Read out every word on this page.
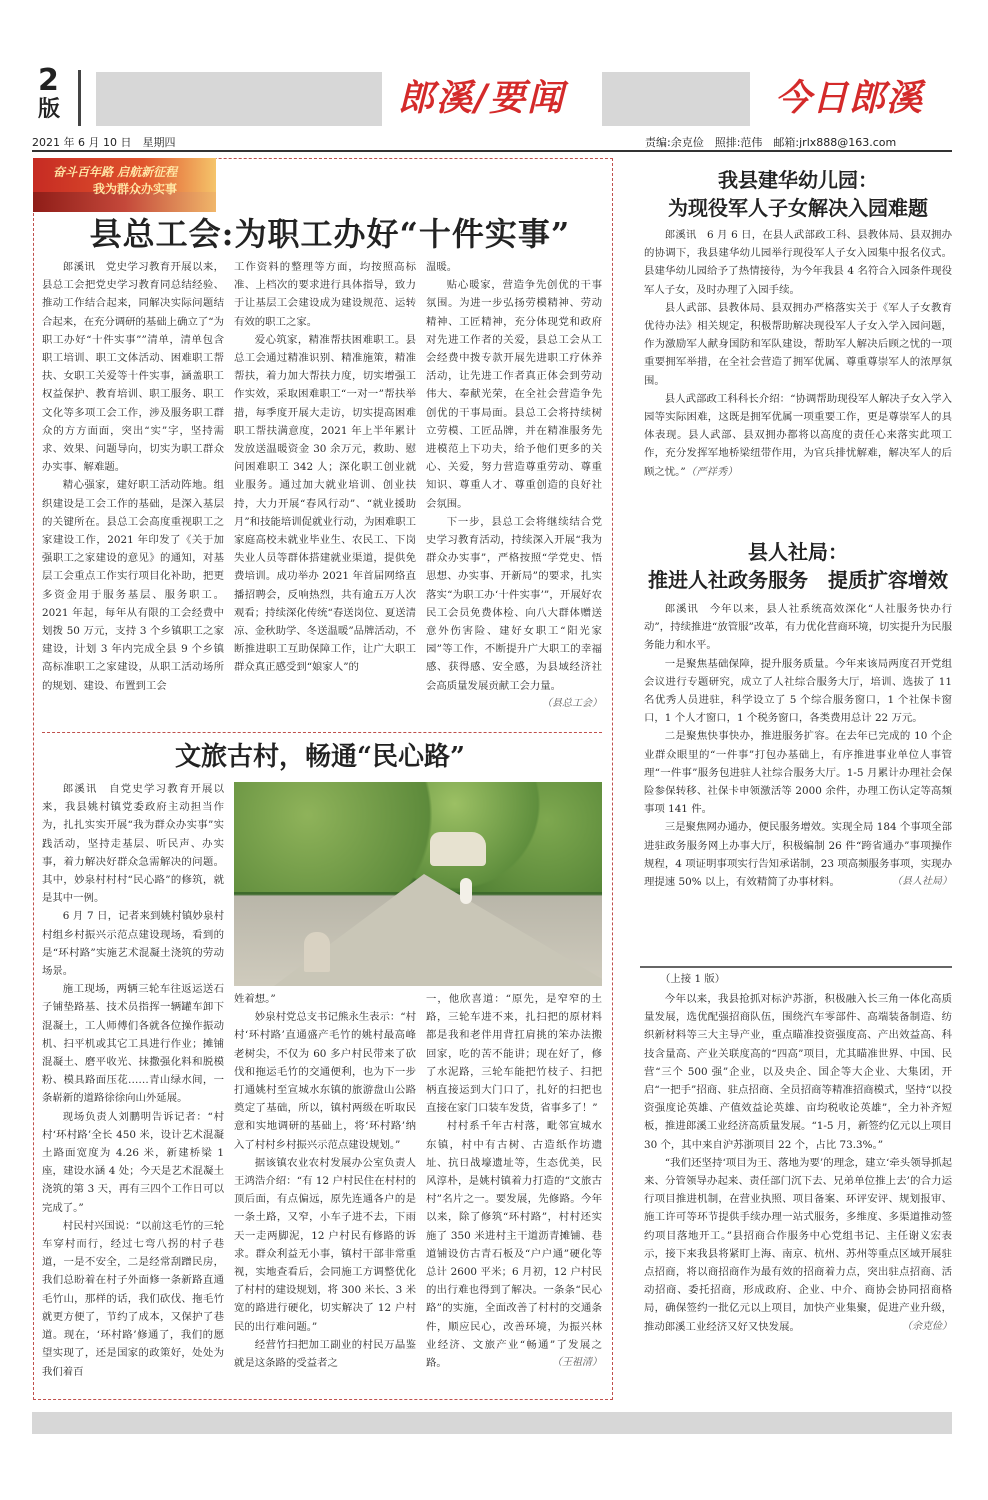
2
版	郎溪/要闻	今日郎溪
2021 年 6 月 10 日　星期四	责编:余克俭　照排:范伟　邮箱:jrlx888@163.com
奋斗百年路 启航新征程
我为群众办实事
县总工会:为职工办好“十件实事”

郎溪讯　党史学习教育开展以来，县总工会把党史学习教育同总结经验、推动工作结合起来，同解决实际问题结合起来，在充分调研的基础上确立了“为职工办好“十件实事””清单，清单包含职工培训、职工文体活动、困难职工帮扶、女职工关爱等十件实事，涵盖职工权益保护、教育培训、职工服务、职工文化等多项工会工作，涉及服务职工群众的方方面面，突出“实”字，坚持需求、效果、问题导向，切实为职工群众办实事、解难题。

精心强家，建好职工活动阵地。组织建设是工会工作的基础，是深入基层的关键所在。县总工会高度重视职工之家建设工作，2021 年印发了《关于加强职工之家建设的意见》的通知，对基层工会重点工作实行项目化补助，把更多资金用于服务基层、服务职工。2021 年起，每年从有限的工会经费中划拨 50 万元，支持 3 个乡镇职工之家建设，计划 3 年内完成全县 9 个乡镇高标准职工之家建设，从职工活动场所的规划、建设、布置到工会

工作资料的整理等方面，均按照高标准、上档次的要求进行具体指导，致力于让基层工会建设成为建设规范、运转有效的职工之家。

爱心筑家，精准帮扶困难职工。县总工会通过精准识别、精准施策，精准帮扶，着力加大帮扶力度，切实增强工作实效，采取困难职工“一对一”帮扶举措，每季度开展大走访，切实提高困难职工帮扶满意度，2021 年上半年累计发放送温暖资金 30 余万元，救助、慰问困难职工 342 人；深化职工创业就业服务。通过加大就业培训、创业扶持，大力开展“春风行动”、“就业援助月”和技能培训促就业行动，为困难职工家庭高校未就业毕业生、农民工、下岗失业人员等群体搭建就业渠道，提供免费培训。成功举办 2021 年首届网络直播招聘会，反响热烈，共有逾五万人次观看；持续深化传统“春送岗位、夏送清凉、金秋助学、冬送温暖”品牌活动，不断推进职工互助保障工作，让广大职工群众真正感受到“娘家人”的

温暖。

贴心暖家，营造争先创优的干事氛围。为进一步弘扬劳模精神、劳动精神、工匠精神，充分体现党和政府对先进工作者的关爱，县总工会从工会经费中拨专款开展先进职工疗休养活动，让先进工作者真正体会到劳动伟大、奉献光荣，在全社会营造争先创优的干事局面。县总工会将持续树立劳模、工匠品牌，并在精准服务先进模范上下功夫，给予他们更多的关心、关爱，努力营造尊重劳动、尊重知识、尊重人才、尊重创造的良好社会氛围。

下一步，县总工会将继续结合党史学习教育活动，持续深入开展“我为群众办实事”，严格按照“学党史、悟思想、办实事、开新局”的要求，扎实落实“为职工办‘十件实事’”，开展好农民工会员免费体检、向八大群体赠送意外伤害险、建好女职工“阳光家园”等工作，不断提升广大职工的幸福感、获得感、安全感，为县域经济社会高质量发展贡献工会力量。
（县总工会）

文旅古村，畅通“民心路”

郎溪讯　自党史学习教育开展以来，我县姚村镇党委政府主动担当作为，扎扎实实开展“我为群众办实事”实践活动，坚持走基层、听民声、办实事，着力解决好群众急需解决的问题。其中，妙泉村村村“民心路”的修筑，就是其中一例。

6 月 7 日，记者来到姚村镇妙泉村村组乡村振兴示范点建设现场，看到的是“环村路”实施艺术混凝土浇筑的劳动场景。

施工现场，两辆三轮车往返运送石子铺垫路基、技术员指挥一辆罐车卸下混凝土，工人师傅们各就各位操作振动机、扫平机或其它工具进行作业；摊铺混凝土、磨平收光、抹撒强化料和脱模粉、模具路面压花……青山绿水间，一条崭新的道路徐徐向山外延展。

现场负责人刘鹏明告诉记者：“村村‘环村路’全长 450 米，设计艺术混凝土路面宽度为 4.26 米，新建桥梁 1 座，建设水涵 4 处；今天是艺术混凝土浇筑的第 3 天，再有三四个工作日可以完成了。”

村民村兴国说：“以前这毛竹的三轮车穿村而行，经过七弯八拐的村子巷道，一是不安全，二是经常刮蹭民房，我们总盼着在村子外面修一条新路直通毛竹山，那样的话，我们砍伐、拖毛竹就更方便了，节约了成本，又保护了巷道。现在，‘环村路’修通了，我们的愿望实现了，还是国家的政策好，处处为我们着百

姓着想。”

妙泉村党总支书记熊永生表示：“村村‘环村路’直通盛产毛竹的姚村最高峰老树尖，不仅为 60 多户村民带来了砍伐和拖运毛竹的交通便利，也为下一步打通姚村至宣城水东镇的旅游盘山公路奠定了基础，所以，镇村两级在听取民意和实地调研的基础上，将‘环村路’纳入了村村乡村振兴示范点建设规划。”

据该镇农业农村发展办公室负责人王鸿浩介绍：“有 12 户村民住在村村的顶后面，有点偏远，原先连通各户的是一条土路，又窄，小车子进不去，下雨天一走两脚泥，12 户村民有修路的诉求。群众利益无小事，镇村干部非常重视，实地查看后，会同施工方调整优化了村村的建设规划，将 300 米长、3 米宽的路进行硬化，切实解决了 12 户村民的出行难问题。”

经营竹扫把加工副业的村民万晶鉴就是这条路的受益者之

一，他欣喜道：“原先，是窄窄的土路，三轮车进不来，扎扫把的原材料都是我和老伴用背扛肩挑的笨办法搬回家，吃的苦不能讲；现在好了，修了水泥路，三轮车能把竹枝子、扫把柄直接运到大门口了，扎好的扫把也直接在家门口装车发货，省事多了！”

村村系千年古村落，毗邻宣城水东镇，村中有古树、古造纸作坊遗址、抗日战壕遗址等，生态优美，民风淳朴，是姚村镇着力打造的“文旅古村”名片之一。要发展，先修路。今年以来，除了修筑“环村路”，村村还实施了 350 米进村主干道沥青摊铺、巷道铺设仿古青石板及“户户通”硬化等总计 2600 平米；6 月初，12 户村民的出行难也得到了解决。一条条“民心路”的实施，全面改善了村村的交通条件，顺应民心，改善环境，为振兴林业经济、文旅产业“畅通”了发展之路。	（王祖清）

我县建华幼儿园：
为现役军人子女解决入园难题

郎溪讯　6 月 6 日，在县人武部政工科、县教体局、县双拥办的协调下，我县建华幼儿园举行现役军人子女入园集中报名仪式。县建华幼儿园给予了热情接待，为今年我县 4 名符合入园条件现役军人子女，及时办理了入园手续。

县人武部、县教体局、县双拥办严格落实关于《军人子女教育优待办法》相关规定，积极帮助解决现役军人子女入学入园问题，作为激励军人献身国防和军队建设，帮助军人解决后顾之忧的一项重要拥军举措，在全社会营造了拥军优属、尊重尊崇军人的浓厚氛围。

县人武部政工科科长介绍：“协调帮助现役军人解决子女入学入园等实际困难，这既是拥军优属一项重要工作，更是尊崇军人的具体表现。县人武部、县双拥办都将以高度的责任心来落实此项工作，充分发挥军地桥梁纽带作用，为官兵排忧解难，解决军人的后顾之忧。”（严祥秀）

县人社局：
推进人社政务服务　提质扩容增效

郎溪讯　今年以来，县人社系统高效深化“人社服务快办行动”，持续推进“放管服”改革，有力优化营商环境，切实提升为民服务能力和水平。

一是聚焦基础保障，提升服务质量。今年来该局两度召开党组会议进行专题研究，成立了人社综合服务大厅，培训、选拔了 11 名优秀人员进驻，科学设立了 5 个综合服务窗口，1 个社保卡窗口，1 个人才窗口，1 个税务窗口，各类费用总计 22 万元。

二是聚焦快事快办，推进服务扩容。在去年已完成的 10 个企业群众眼里的“一件事”打包办基础上，有序推进事业单位人事管理“一件事”服务包进驻人社综合服务大厅。1-5 月累计办理社会保险参保转移、社保卡申领激活等 2000 余件，办理工伤认定等高频事项 141 件。

三是聚焦网办通办，便民服务增效。实现全局 184 个事项全部进驻政务服务网上办事大厅，积极编制 26 件“跨省通办”事项操作规程，4 项证明事项实行告知承诺制，23 项高频服务事项，实现办理提速 50% 以上，有效精简了办事材料。	（县人社局）

（上接 1 版）

今年以来，我县抢抓对标沪苏浙，积极融入长三角一体化高质量发展，选优配强招商队伍，围绕汽车零部件、高端装备制造、纺织新材料等三大主导产业，重点瞄准投资强度高、产出效益高、科技含量高、产业关联度高的“四高”项目，尤其瞄准世界、中国、民营“三个 500 强”企业，以及央企、国企等大企业、大集团，开启“一把手”招商、驻点招商、全员招商等精准招商模式，坚持“以投资强度论英雄、产值效益论英雄、亩均税收论英雄”，全力补齐短板，推进郎溪工业经济高质量发展。“1-5 月，新签约亿元以上项目 30 个，其中来自沪苏浙项目 22 个，占比 73.3%。”

“我们还坚持‘项目为王、落地为要’的理念，建立‘牵头领导抓起来、分管领导办起来、责任部门沉下去、兄弟单位推上去’的合力运行项目推进机制，在营业执照、项目备案、环评安评、规划报审、施工许可等环节提供手续办理一站式服务，多维度、多渠道推动签约项目落地开工。”县招商合作服务中心党组书记、主任谢义宏表示，接下来我县将紧盯上海、南京、杭州、苏州等重点区域开展驻点招商，将以商招商作为最有效的招商着力点，突出驻点招商、活动招商、委托招商，形成政府、企业、中介、商协会协同招商格局，确保签约一批亿元以上项目，加快产业集聚，促进产业升级，推动郎溪工业经济又好又快发展。	（余克俭）
